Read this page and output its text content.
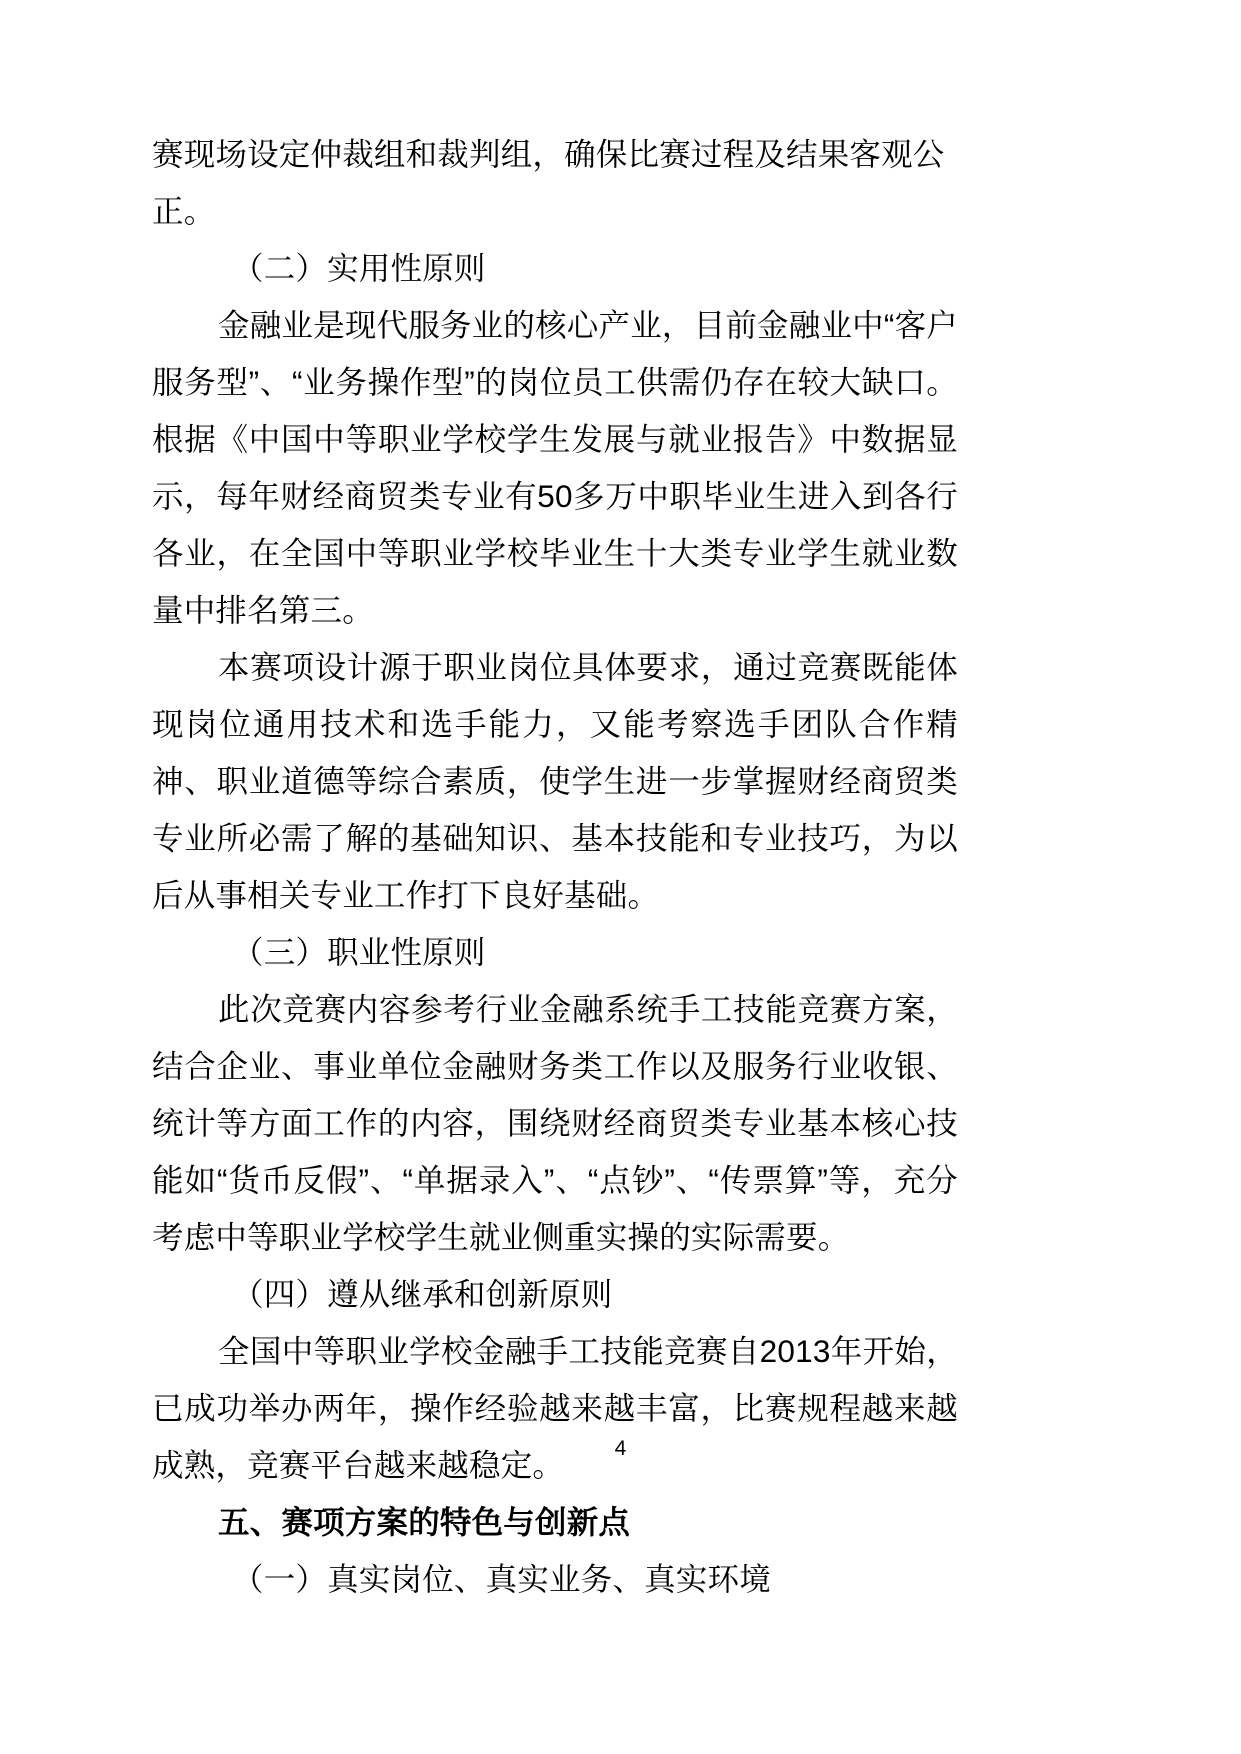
赛现场设定仲裁组和裁判组，确保比赛过程及结果客观公正。

（二）实用性原则

金融业是现代服务业的核心产业，目前金融业中“客户服务型”、“业务操作型”的岗位员工供需仍存在较大缺口。根据《中国中等职业学校学生发展与就业报告》中数据显示，每年财经商贸类专业有50多万中职毕业生进入到各行各业，在全国中等职业学校毕业生十大类专业学生就业数量中排名第三。

本赛项设计源于职业岗位具体要求，通过竞赛既能体现岗位通用技术和选手能力，又能考察选手团队合作精神、职业道德等综合素质，使学生进一步掌握财经商贸类专业所必需了解的基础知识、基本技能和专业技巧，为以后从事相关专业工作打下良好基础。

（三）职业性原则

此次竞赛内容参考行业金融系统手工技能竞赛方案，结合企业、事业单位金融财务类工作以及服务行业收银、统计等方面工作的内容，围绕财经商贸类专业基本核心技能如“货币反假”、“单据录入”、“点钞”、“传票算”等，充分考虑中等职业学校学生就业侧重实操的实际需要。

（四）遵从继承和创新原则

全国中等职业学校金融手工技能竞赛自2013年开始，已成功举办两年，操作经验越来越丰富，比赛规程越来越成熟，竞赛平台越来越稳定。

五、赛项方案的特色与创新点

（一）真实岗位、真实业务、真实环境

4
